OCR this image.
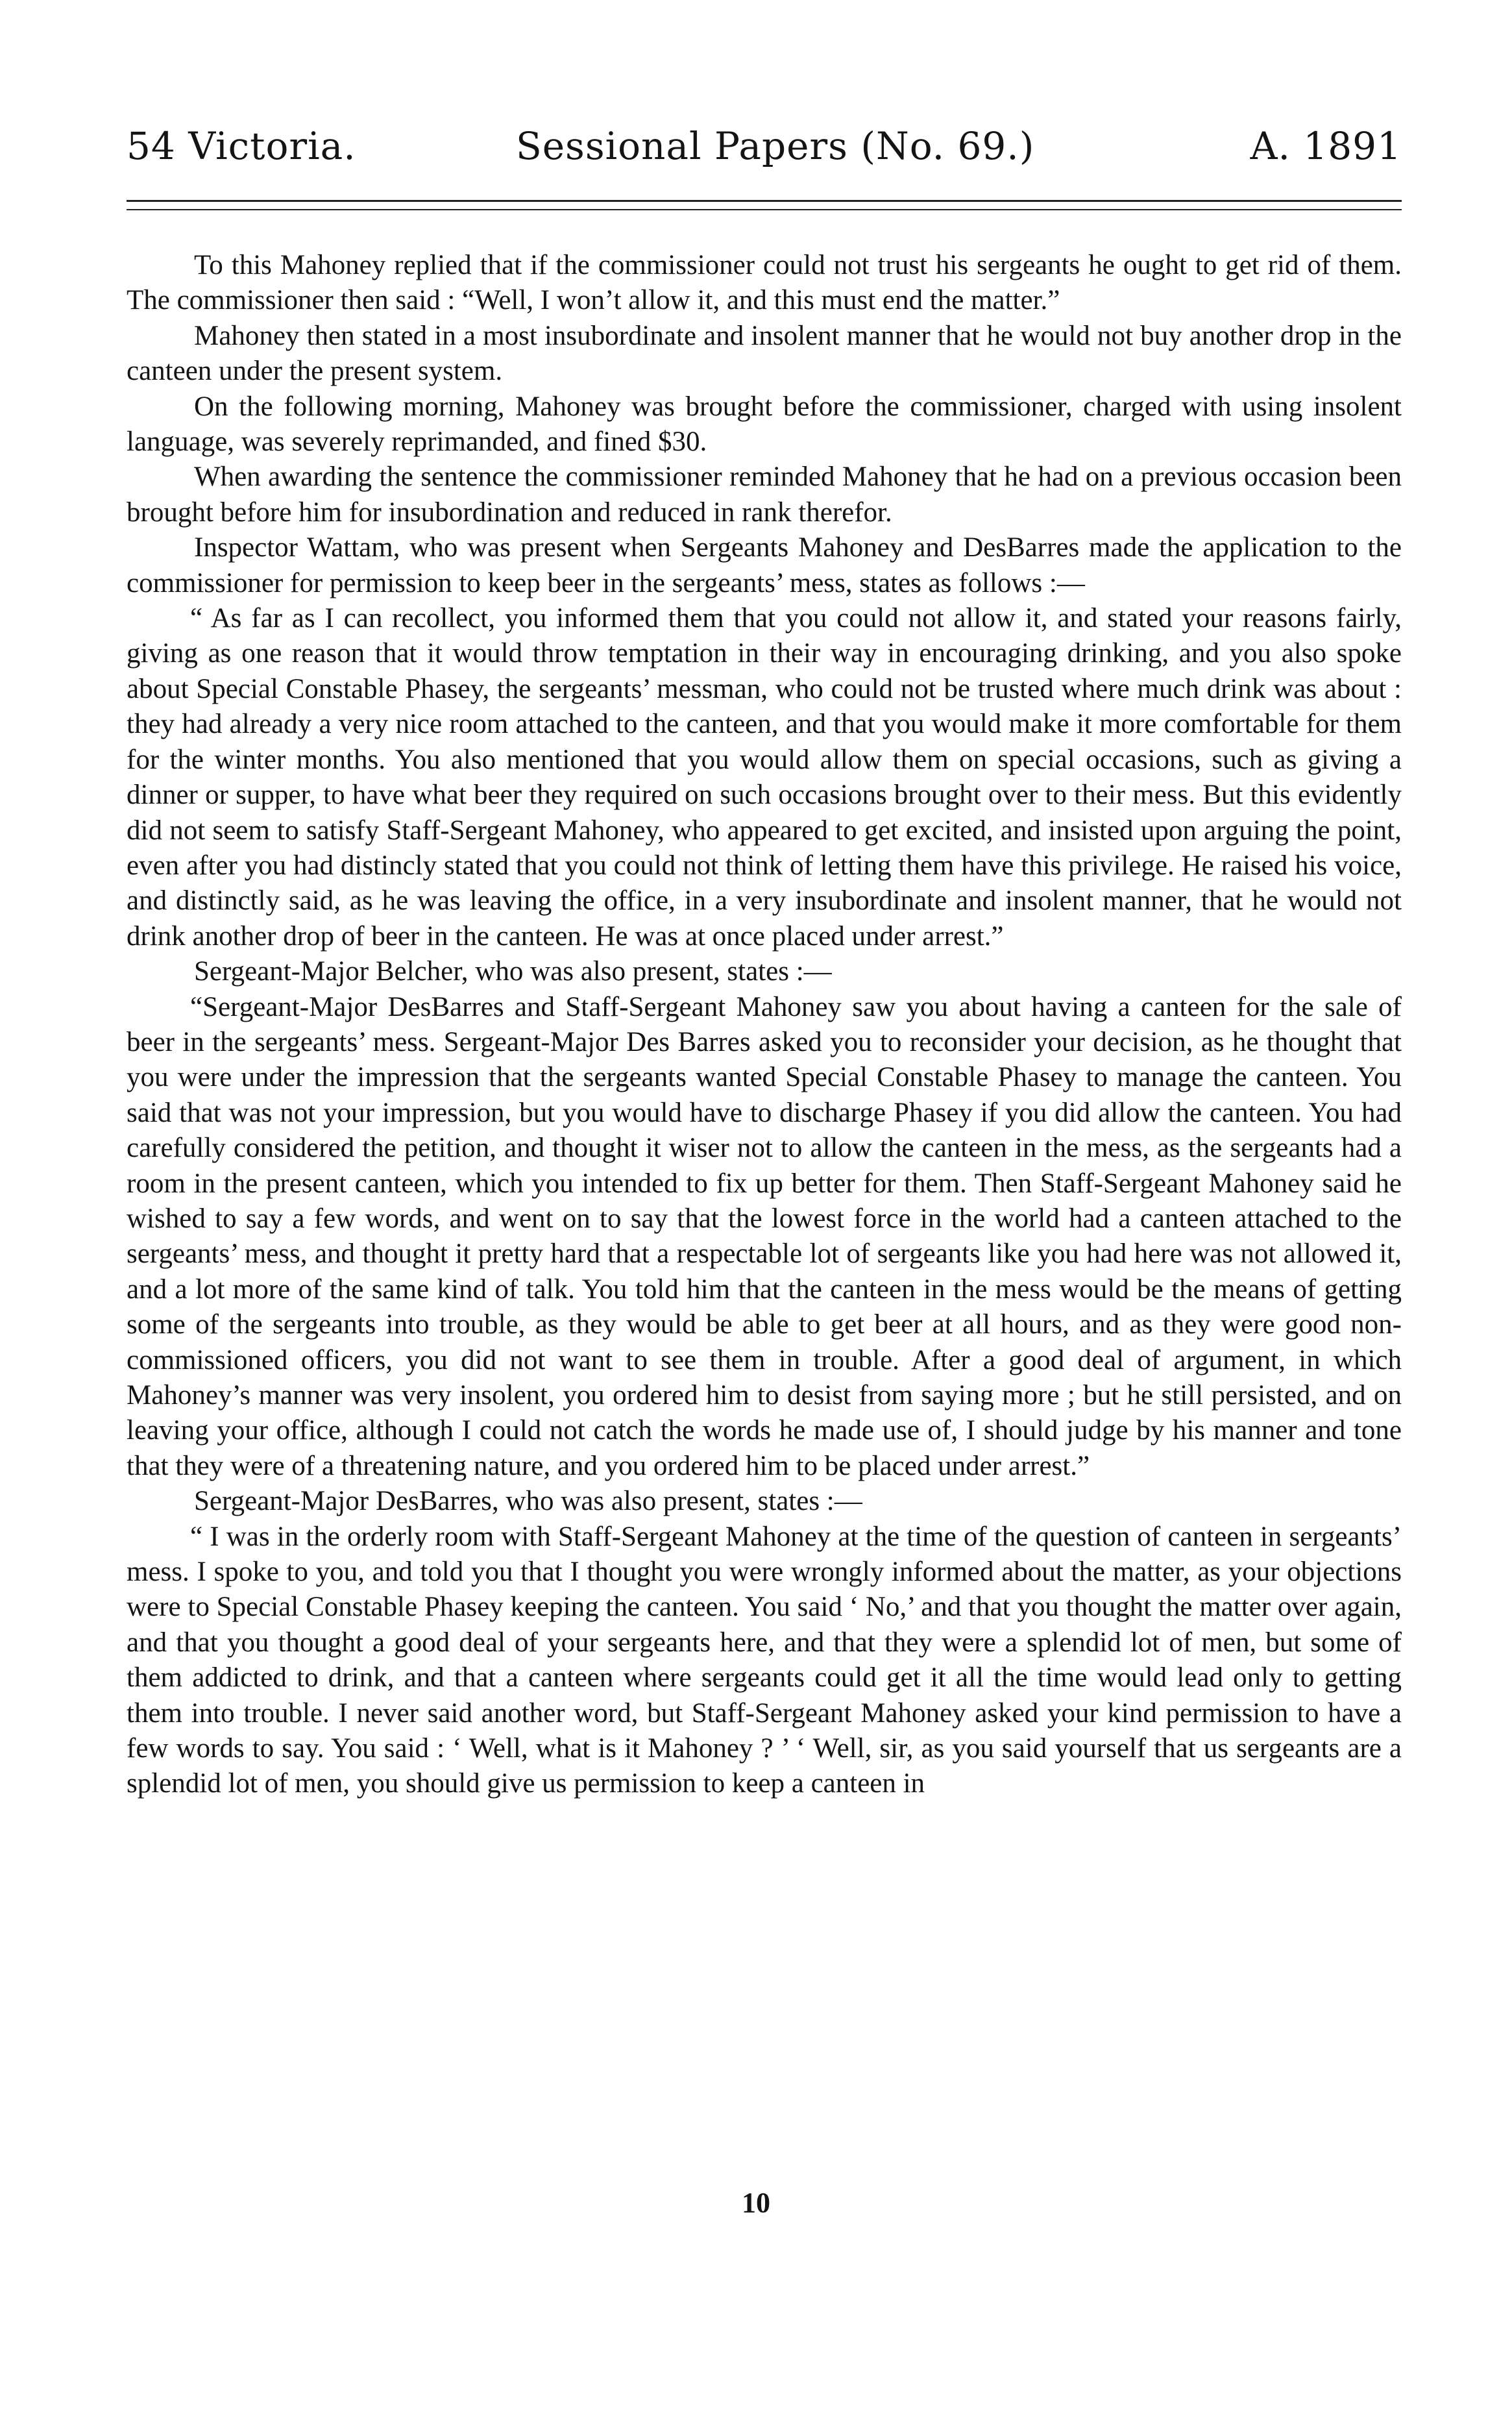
54 Victoria.	Sessional Papers (No. 69.)	A. 1891

To this Mahoney replied that if the commissioner could not trust his sergeants he ought to get rid of them. The commissioner then said : “Well, I won’t allow it, and this must end the matter.”

Mahoney then stated in a most insubordinate and insolent manner that he would not buy another drop in the canteen under the present system.

On the following morning, Mahoney was brought before the commissioner, charged with using insolent language, was severely reprimanded, and fined $30.

When awarding the sentence the commissioner reminded Mahoney that he had on a previous occasion been brought before him for insubordination and reduced in rank therefor.

Inspector Wattam, who was present when Sergeants Mahoney and DesBarres made the application to the commissioner for permission to keep beer in the sergeants’ mess, states as follows :—

“ As far as I can recollect, you informed them that you could not allow it, and stated your reasons fairly, giving as one reason that it would throw temptation in their way in encouraging drinking, and you also spoke about Special Constable Phasey, the sergeants’ messman, who could not be trusted where much drink was about : they had already a very nice room attached to the canteen, and that you would make it more comfortable for them for the winter months. You also mentioned that you would allow them on special occasions, such as giving a dinner or supper, to have what beer they required on such occasions brought over to their mess. But this evidently did not seem to satisfy Staff-Sergeant Mahoney, who appeared to get excited, and insisted upon arguing the point, even after you had distincly stated that you could not think of letting them have this privilege. He raised his voice, and distinctly said, as he was leaving the office, in a very insubordinate and insolent manner, that he would not drink another drop of beer in the canteen. He was at once placed under arrest.”

Sergeant-Major Belcher, who was also present, states :—

“Sergeant-Major DesBarres and Staff-Sergeant Mahoney saw you about having a canteen for the sale of beer in the sergeants’ mess. Sergeant-Major Des Barres asked you to reconsider your decision, as he thought that you were under the impression that the sergeants wanted Special Constable Phasey to manage the canteen. You said that was not your impression, but you would have to discharge Phasey if you did allow the canteen. You had carefully considered the petition, and thought it wiser not to allow the canteen in the mess, as the sergeants had a room in the present canteen, which you intended to fix up better for them. Then Staff-Sergeant Mahoney said he wished to say a few words, and went on to say that the lowest force in the world had a canteen attached to the sergeants’ mess, and thought it pretty hard that a respectable lot of sergeants like you had here was not allowed it, and a lot more of the same kind of talk. You told him that the canteen in the mess would be the means of getting some of the sergeants into trouble, as they would be able to get beer at all hours, and as they were good non-commissioned officers, you did not want to see them in trouble. After a good deal of argument, in which Mahoney’s manner was very insolent, you ordered him to desist from saying more ; but he still persisted, and on leaving your office, although I could not catch the words he made use of, I should judge by his manner and tone that they were of a threatening nature, and you ordered him to be placed under arrest.”

Sergeant-Major DesBarres, who was also present, states :—

“ I was in the orderly room with Staff-Sergeant Mahoney at the time of the question of canteen in sergeants’ mess. I spoke to you, and told you that I thought you were wrongly informed about the matter, as your objections were to Special Constable Phasey keeping the canteen. You said ‘ No,’ and that you thought the matter over again, and that you thought a good deal of your sergeants here, and that they were a splendid lot of men, but some of them addicted to drink, and that a canteen where sergeants could get it all the time would lead only to getting them into trouble. I never said another word, but Staff-Sergeant Mahoney asked your kind permission to have a few words to say. You said : ‘ Well, what is it Mahoney ? ’ ‘ Well, sir, as you said yourself that us sergeants are a splendid lot of men, you should give us permission to keep a canteen in

10
